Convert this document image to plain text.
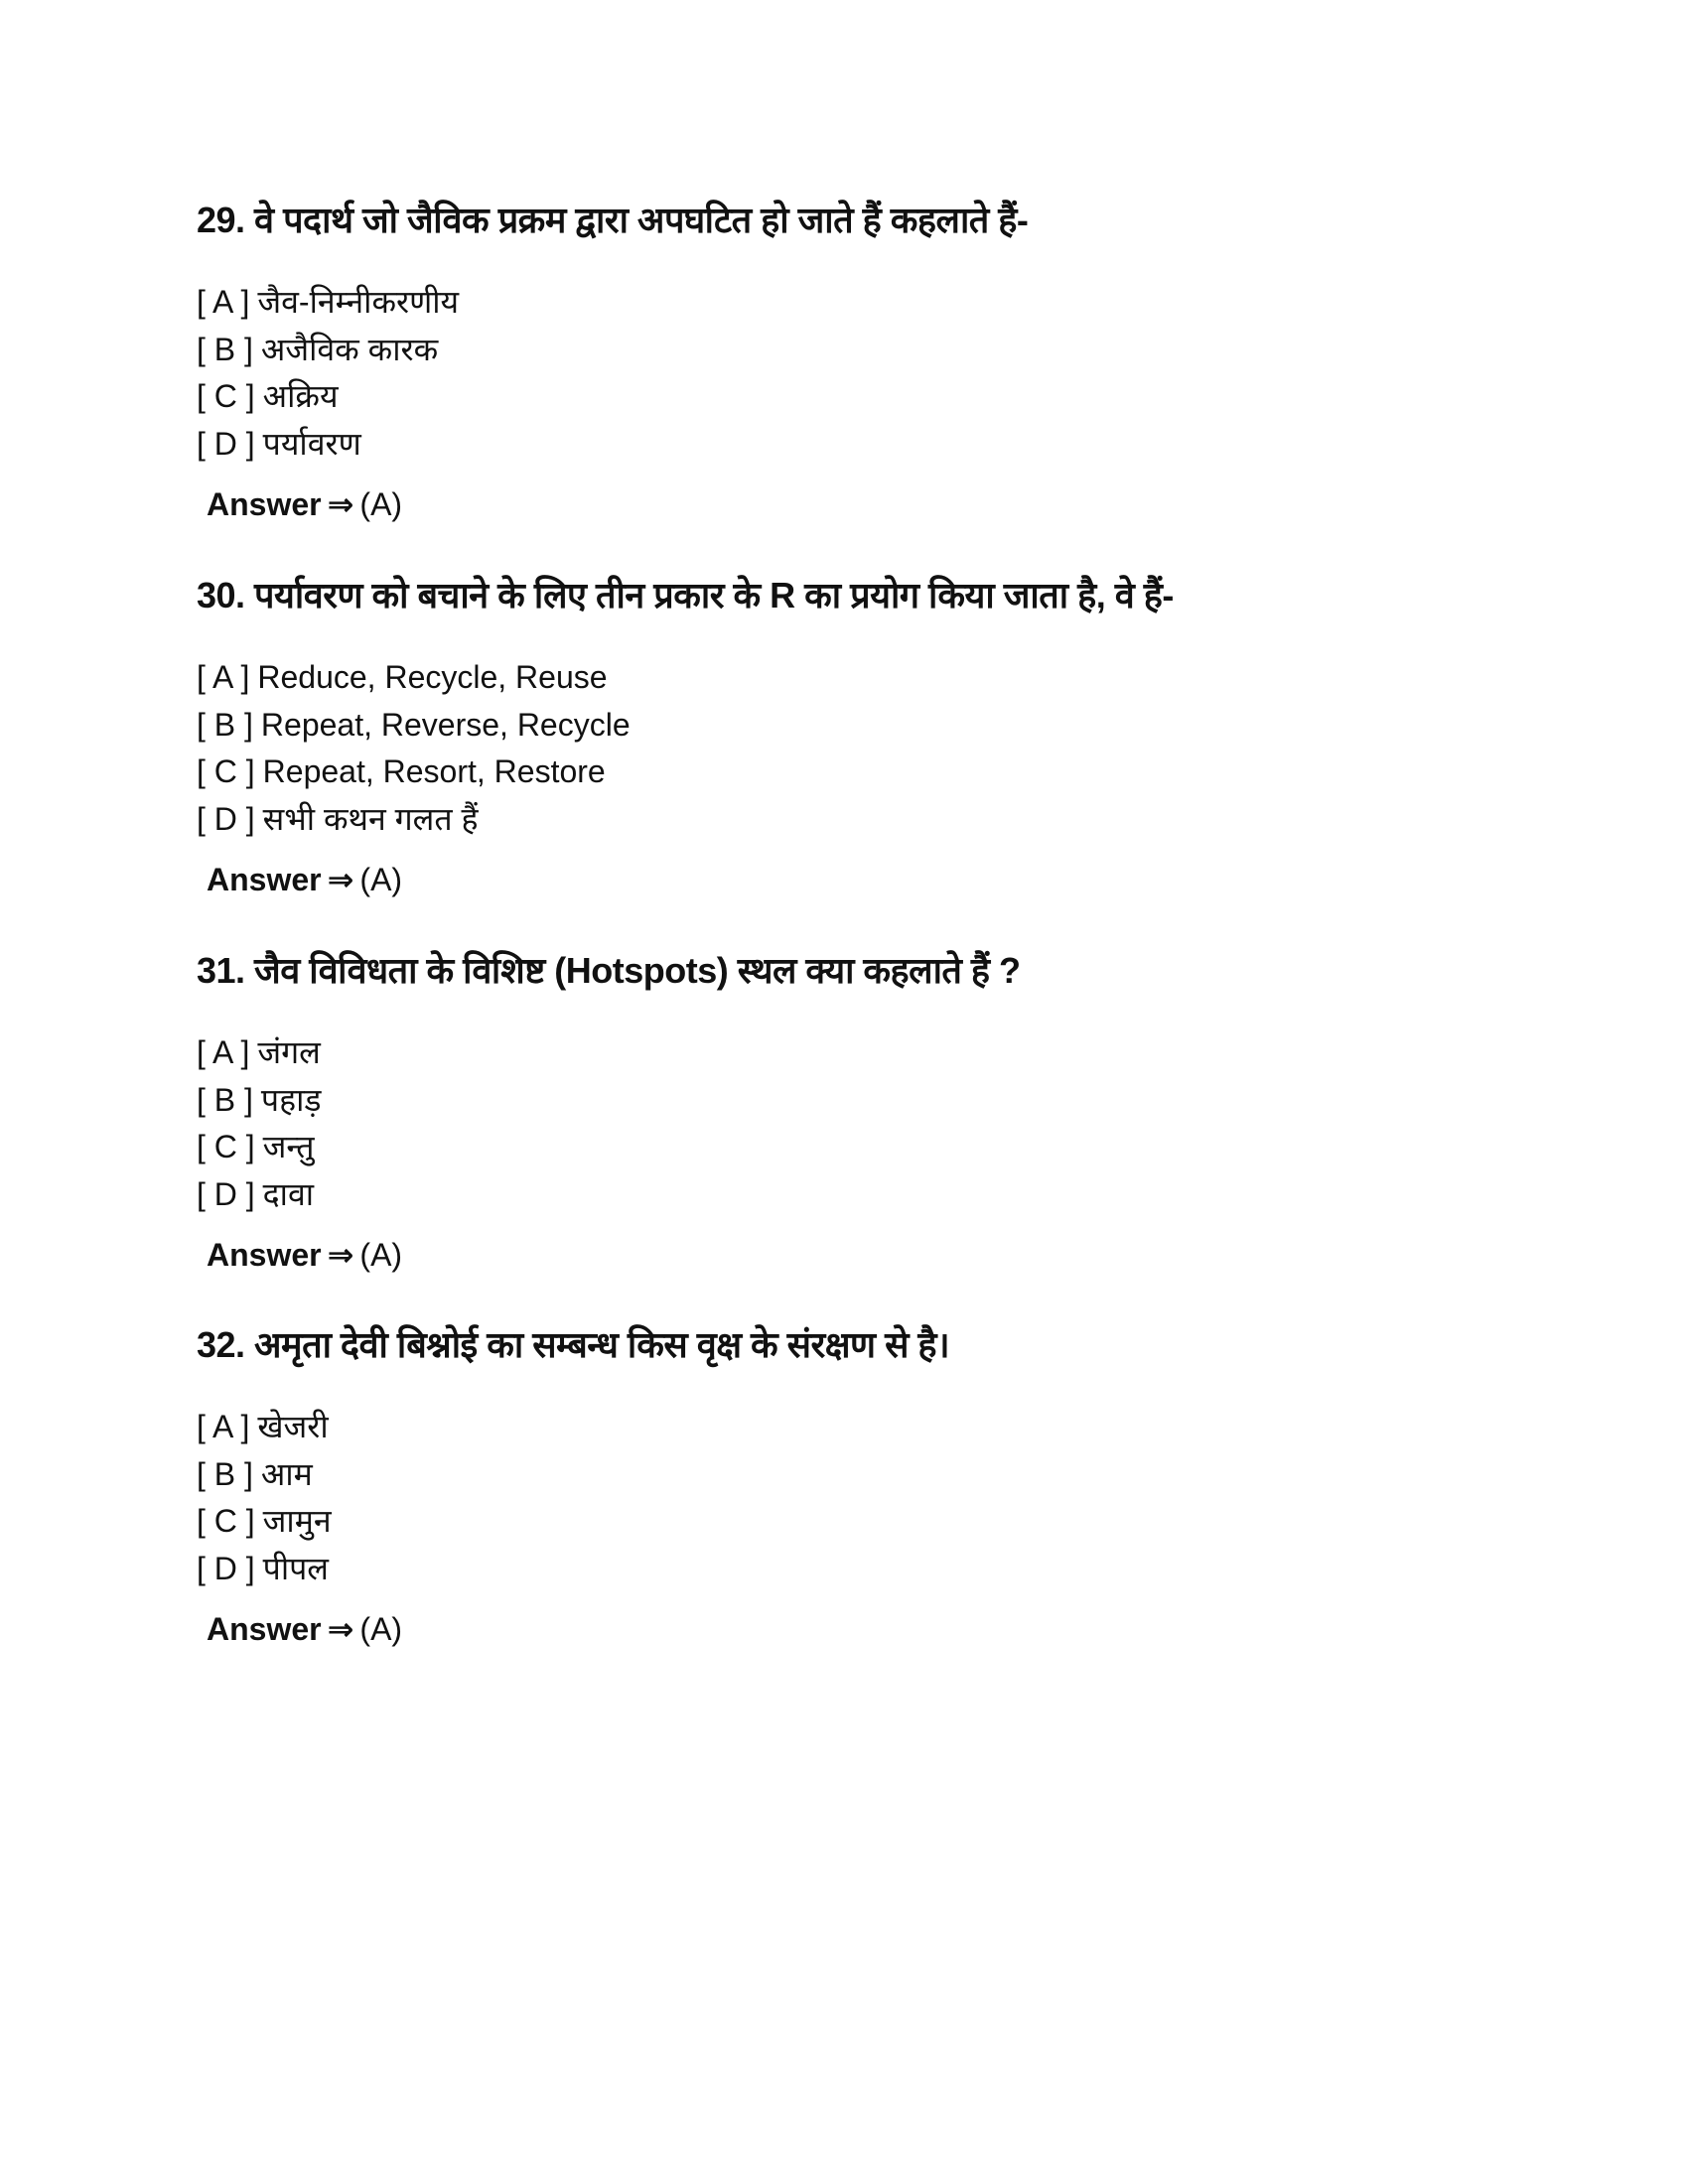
29. वे पदार्थ जो जैविक प्रक्रम द्वारा अपघटित हो जाते हैं कहलाते हैं-
[ A ] जैव-निम्नीकरणीय
[ B ] अजैविक कारक
[ C ] अक्रिय
[ D ] पर्यावरण
Answer ⇒ (A)
30. पर्यावरण को बचाने के लिए तीन प्रकार के R का प्रयोग किया जाता है, वे हैं-
[ A ] Reduce, Recycle, Reuse
[ B ] Repeat, Reverse, Recycle
[ C ] Repeat, Resort, Restore
[ D ] सभी कथन गलत हैं
Answer ⇒ (A)
31. जैव विविधता के विशिष्ट (Hotspots) स्थल क्या कहलाते हैं ?
[ A ] जंगल
[ B ] पहाड़
[ C ] जन्तु
[ D ] दावा
Answer ⇒ (A)
32. अमृता देवी बिश्नोई का सम्बन्ध किस वृक्ष के संरक्षण से है।
[ A ] खेजरी
[ B ] आम
[ C ] जामुन
[ D ] पीपल
Answer ⇒ (A)
